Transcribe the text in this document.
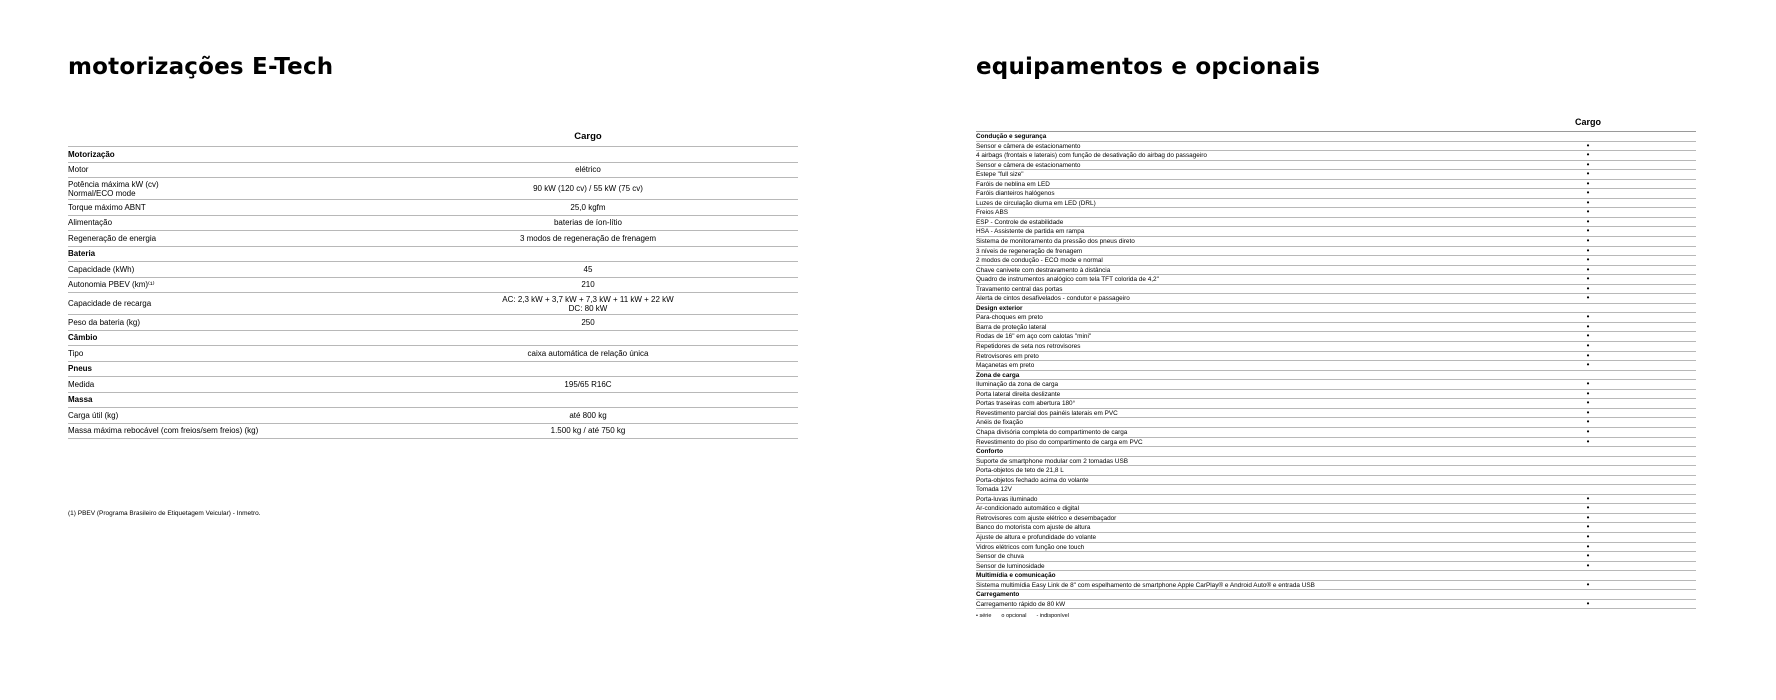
motorizações E-Tech	equipamentos e opcionais
Cargo
Motorização
Motor	elétrico
Potência máxima kW (cv)
Normal/ECO mode	90 kW (120 cv) / 55 kW (75 cv)
Torque máximo ABNT	25,0 kgfm
Alimentação	baterias de íon-lítio
Regeneração de energia	3 modos de regeneração de frenagem
Bateria
Capacidade (kWh)	45
Autonomia PBEV (km)⁽¹⁾	210
Capacidade de recarga	AC: 2,3 kW + 3,7 kW + 7,3 kW + 11 kW + 22 kW
DC: 80 kW
Peso da bateria (kg)	250
Câmbio
Tipo	caixa automática de relação única
Pneus
Medida	195/65 R16C
Massa
Carga útil (kg)	até 800 kg
Massa máxima rebocável (com freios/sem freios) (kg)	1.500 kg / até 750 kg

(1) PBEV (Programa Brasileiro de Etiquetagem Veicular) - Inmetro.

Cargo
Condução e segurança
Sensor e câmera de estacionamento	•
4 airbags (frontais e laterais) com função de desativação do airbag do passageiro	•
Sensor e câmera de estacionamento	•
Estepe "full size"	•
Faróis de neblina em LED	•
Faróis dianteiros halógenos	•
Luzes de circulação diurna em LED (DRL)	•
Freios ABS	•
ESP - Controle de estabilidade	•
HSA - Assistente de partida em rampa	•
Sistema de monitoramento da pressão dos pneus direto	•
3 níveis de regeneração de frenagem	•
2 modos de condução - ECO mode e normal	•
Chave canivete com destravamento à distância	•
Quadro de instrumentos analógico com tela TFT colorida de 4,2"	•
Travamento central das portas	•
Alerta de cintos desafivelados - condutor e passageiro	•
Design exterior
Para-choques em preto	•
Barra de proteção lateral	•
Rodas de 16" em aço com calotas "mini"	•
Repetidores de seta nos retrovisores	•
Retrovisores em preto	•
Maçanetas em preto	•
Zona de carga
Iluminação da zona de carga	•
Porta lateral direita deslizante	•
Portas traseiras com abertura 180°	•
Revestimento parcial dos painéis laterais em PVC	•
Anéis de fixação	•
Chapa divisória completa do compartimento de carga	•
Revestimento do piso do compartimento de carga em PVC	•
Conforto
Suporte de smartphone modular com 2 tomadas USB
Porta-objetos de teto de 21,8 L
Porta-objetos fechado acima do volante
Tomada 12V
Porta-luvas iluminado	•
Ar-condicionado automático e digital	•
Retrovisores com ajuste elétrico e desembaçador	•
Banco do motorista com ajuste de altura	•
Ajuste de altura e profundidade do volante	•
Vidros elétricos com função one touch	•
Sensor de chuva	•
Sensor de luminosidade	•
Multimídia e comunicação
Sistema multimídia Easy Link de 8" com espelhamento de smartphone Apple CarPlay® e Android Auto® e entrada USB	•
Carregamento
Carregamento rápido de 80 kW	•
• série o opcional - indisponível
